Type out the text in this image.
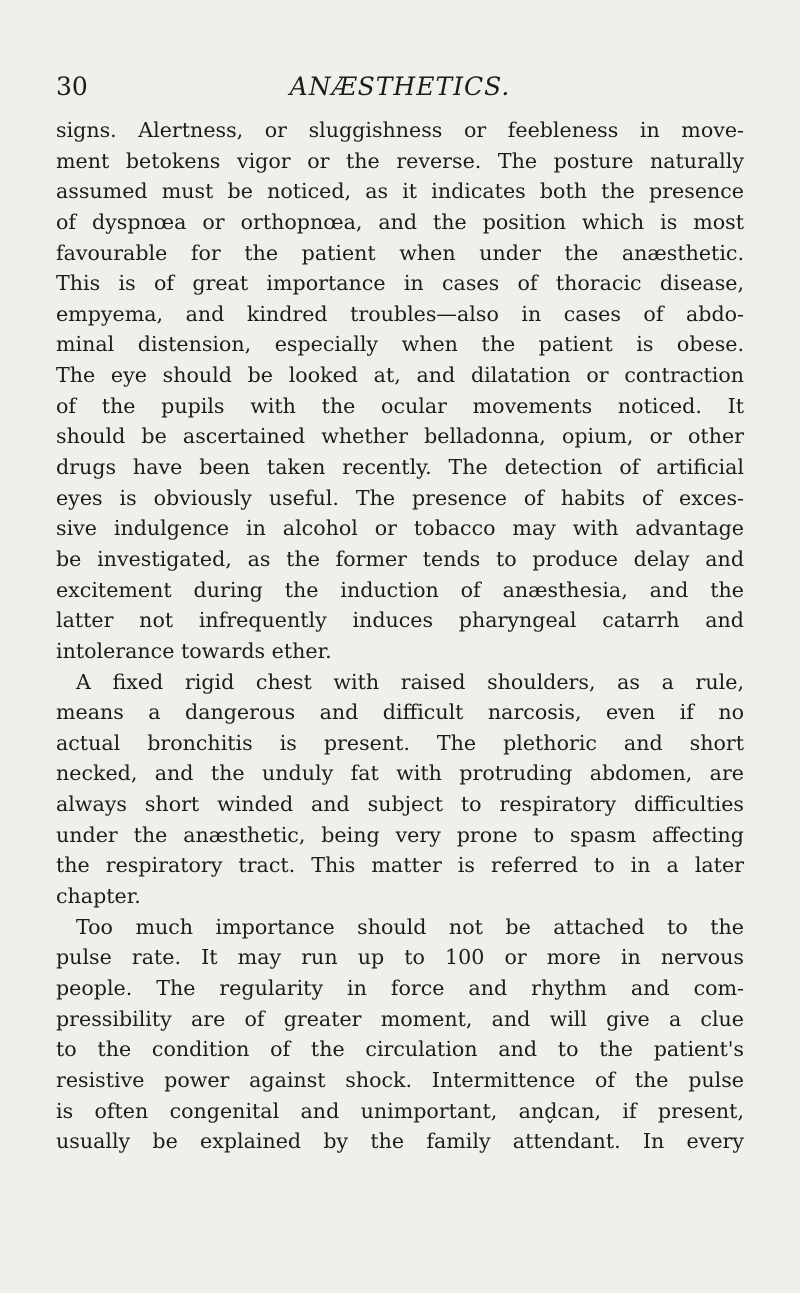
30	ANÆSTHETICS.
signs. Alertness, or sluggishness or feebleness in move-
ment betokens vigor or the reverse. The posture naturally
assumed must be noticed, as it indicates both the presence
of dyspnœa or orthopnœa, and the position which is most
favourable for the patient when under the anæsthetic.
This is of great importance in cases of thoracic disease,
empyema, and kindred troubles—also in cases of abdo-
minal distension, especially when the patient is obese.
The eye should be looked at, and dilatation or contraction
of the pupils with the ocular movements noticed. It
should be ascertained whether belladonna, opium, or other
drugs have been taken recently. The detection of artificial
eyes is obviously useful. The presence of habits of exces-
sive indulgence in alcohol or tobacco may with advantage
be investigated, as the former tends to produce delay and
excitement during the induction of anæsthesia, and the
latter not infrequently induces pharyngeal catarrh and
intolerance towards ether.
A fixed rigid chest with raised shoulders, as a rule,
means a dangerous and difficult narcosis, even if no
actual bronchitis is present. The plethoric and short
necked, and the unduly fat with protruding abdomen, are
always short winded and subject to respiratory difficulties
under the anæsthetic, being very prone to spasm affecting
the respiratory tract. This matter is referred to in a later
chapter.
Too much importance should not be attached to the
pulse rate. It may run up to 100 or more in nervous
people. The regularity in force and rhythm and com-
pressibility are of greater moment, and will give a clue
to the condition of the circulation and to the patient's
resistive power against shock. Intermittence of the pulse
is often congenital and unimportant, and̬can, if present,
usually be explained by the family attendant. In every
